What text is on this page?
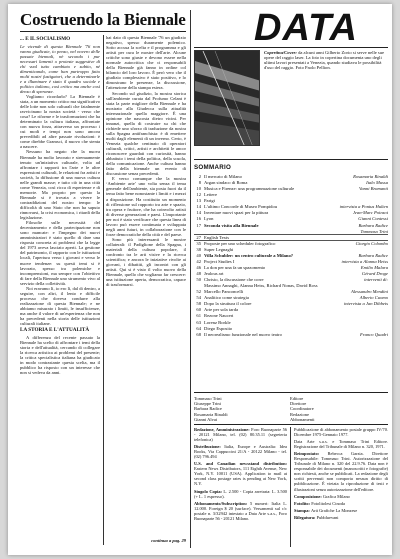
Costruendo la Biennale
... E IL SOCIALISMO

Le vicende di questa Biennale '76 non vanno giudicate, io penso, nel novero delle passate biennali, nè secondo i pur necessari lamenti o proteste suggestive di chi vuol tutto cambiato e subito, né dimenticando, come han purtroppo fatto molti nostri fustigatori, che a determinarle e a illuminare è stato il quadro sociale e politico italiano, così critico ma anche così denso di speranze.

Vogliamo ricordarlo? La Biennale è stata, a un momento critico ma significativo delle lotte non solo culturali che fatalmente ravvicinano la nostra società - verso che cosa? Le riforme e le trasformazioni che ha determinato la cultura italiana, affrontate con nuova forza, attraverso un processo i cui modi e tempi non sono ancora prevedibili ad altre passate rivoluzioni: è come direbbe Gramsci, il nuovo che stenta a nascere.

Nessuno ha negato che la nuova Biennale ha molto lavorato e strenuamente tenuto un'iniziativa culturale, volta ad affrontare i rapporti tra l'arte e le altre espressioni culturali, le relazioni fra artisti e società, la diffusione di una nuova cultura nelle grandi masse; e tutto ciò in una città come Venezia, così ricca di esperienze e di memorie. Ma proprio per questo la Biennale si è trovata a vivere le contraddizioni del nostro tempo: le difficoltà di uno Stato che non ha saputo rinnovarsi, la crisi economica, i ritardi della legislazione.

Filosofie sulle necessità del decentramento e della partecipazione non sono mancate: e l'impegno dei nuovi amministratori è stato quello di dare una risposta concreta ai problemi che la legge del 1973 aveva lasciato aperti. La gestione del patrimonio, il rapporto con le istituzioni locali, l'apertura verso i giovani e verso le nuove tendenze: su questi temi si è lavorato, spesso tra polemiche e incomprensioni, ma sempre con l'obiettivo di fare della Biennale uno strumento vivo al servizio della collettività.

Noi eravamo lì, io ero lì, dal di dentro, a seguire, con altri, il lento e difficile processo che doveva condurre alla realizzazione di questa Biennale; e ne abbiamo misurato i limiti, le insufficienze, ma anche il valore di un'esperienza che non ha precedenti nella storia delle istituzioni culturali italiane.

LA STORIA E L'ATTUALITÀ

A differenza del recente passato la Biennale ha scelto di affrontare i temi della storia e dell'attualità, cercando di collegare la ricerca artistica ai problemi del presente; la critica specialistica italiana ha giudicato in modo contrastante questa scelta, ma il pubblico ha risposto con un interesse che non si vedeva da anni.

hai dato di questa Biennale '76 un giudizio negativo, spesso duramente polemico. Sotto accusa la scelta e il programma e gli artisti per cura le mostre dell'arte. Alcune critiche sono giuste e devono essere nella normale autocritica che ci responsabili della Biennale già fanno in ordine col bilancio del loro lavoro. È però vero che il giudizio complessivo è stato positivo, e lo dimostrano le presenze, la discussione, l'attenzione della stampa estera.

Secondo sul giudizio, la mostra storica sull'ambiente curata dal Profumo Celant è stata la parte migliore della Biennale e ha mostrato alla Giudecca sulla attualità internazionale quella maggiore. È una opinione che nascosta dietro vicini. Per innanzi, quella di costruire su chi che richiede uno sforzo di traduzione da nostra sulla Spagna antifranchista: è di emettere molti dagli elementi di un inverno. Certo, è Venezia qualche centinaio di operatori culturali, critici, artisti e architetti le ancor riconoscere guardati con curiosità, hanno abbattuto i temi della politica, della scuola, della comunicazione. Anche cultura hanno fatto della biennale un evento di discussione senza precedenti.

E verso comunque che la mostra ‘Ambiente arte’ uno volta senza il tema generale dell'ambiente, sia posta fuori da il tema fatto bene nonostante i limiti e i mezzi a disposizione. Ha costituito un momento di riflessione sul rapporto tra arte e spazio, tra opera e fruitore, che ha coinvolto artisti di diverse generazioni e paesi. L'importante per noi è stato verificare che questa linea di lavoro può essere continuata e sviluppata negli anni futuri, in collaborazione con le forze democratiche della città e del paese.

Sono più interessanti le mostre collaterali: il Padiglione della Spagna, i materiali della cultura popolare, il confronto tra le arti visive e la ricerca scientifica; e ancora le iniziative rivolte ai giovani, i dibattiti, gli incontri con gli artisti. Qui si è visto il volto nuovo della Biennale, quello che vogliamo far crescere: una istituzione aperta, democratica, capace di trasformarsi.

continua a pag. 29
DATA
Copertina/Cover: da alcuni anni Gilberto Zorio si serve nelle sue opere del raggio laser. La foto in copertina documenta uno degli ultimi lavori presentati a Venezia, quando studiava le possibilità d'uso del raggio. Foto Paolo Pellion.
SOMMARIO
2 Il mercato di Milano	Rosamaria Rinaldi
8 Argan sindaco di Roma	Italo Mussa
10 Musica e Firenze: una programmazione culturale	Vanni Bramanti
12 Lettere
13 Parigi
14 L'ultimo Concorde di Museo Pompidou	intervista a Pontus Hulten
14 Inventare nuovi spazi per la pittura	Jean-Marc Poinsot
16 Lyon	Gianni Contessi
17 Seconda visita alla Biennale	Barbara Radice
Tommaso Trini
27 English Texts
35 Proposte per uno scheduler fotografico	Giorgio Colombo
38 Super Legnaghi
40 Villa Schubler: un centro culturale a Milano?	Barbara Radice
42 Project Studies I	intervista a Alanna Heiss
46 La don per una fa un spazomento	Emilio Malara
48 Jealous art	Gérard Droge
50 Christo, la discussione che corre	interventi di:
Massimo Annaghi, Alanna Heiss, Richard Nonas, David Ross
52 Marcello Panconcelli	Alessandro Mendini
54 Analitico come strategia	Alberto Cuomo
58 Dopo la struttura il colore	intervista a Jan Dibbets
60 Arte per sola tarda
61 Rezone Nauceri
63 Lorenz Borkle
64 Diego Esposito
68 Il neorealismo funzionale nel nuovo teatro	Franco Quadri
Tommaso Trini	Editore
Giuseppe Trini	Direttore
Barbara Radice	Coordinatore
Rosamaria Rinaldi	Redazione
Gianni Alvai	Abbonamenti

Redazione, Amministrazione: Foro Buonaparte 56 - 20121 Milano, tel. (02) 80.35.11 (segreteria telefonica)

Distribuzione: Italia, Europe e Australia: Idea Books, Via Cappuccini 21/A - 20122 Milano - tel. (02) 796.494

U.S. and Canadian newsstand distribution: Eastern News Distributors, 111 Eighth Avenue, New York, N.Y. 10011 (USA). Application to mail at second class postage rates is pending at New York, N.Y.

Singolo Copia: L. 2.500 - Copia arretrata: L. 3.500 (+ L. 1 espresso).

Abbonamento/Subscription: 5 numeri: Italia L. 12.000. Foreign $ 20 (surface). Versamenti sul c/c postale n. 3/32942 intestato a Data Arte s.a.s., Foro Buonaparte 56 - 20121 Milano.

Pubblicazione di abbonamento postale gruppo IV/70. Dicembre 1975-Gennaio 1977.

Data Arte s.a.s. e Tommaso Trini Editore. Registrazione del Tribunale di Milano n. 320, 1971.

Reimpostato: Rebecca Garzia. Direttore Responsabile: Tommaso Trini. Autorizzazione del Tribunale di Milano n. 320 del 22.9.76. Data non è responsabile dei documenti (manoscritti e fotografie) non richiesti, anche se pubblicati. La redazione degli scritti pervenuti non comporta nessun diritto di pubblicazione. È vietata la riproduzione di testi e illustrazioni senza autorizzazione dell'editore.

Composizione: Grafica Milano

Fotolito: Fotolitolesi Cinoda

Stampa: Arti Grafiche La Monzese

Rilegatura: Pubbluevani
